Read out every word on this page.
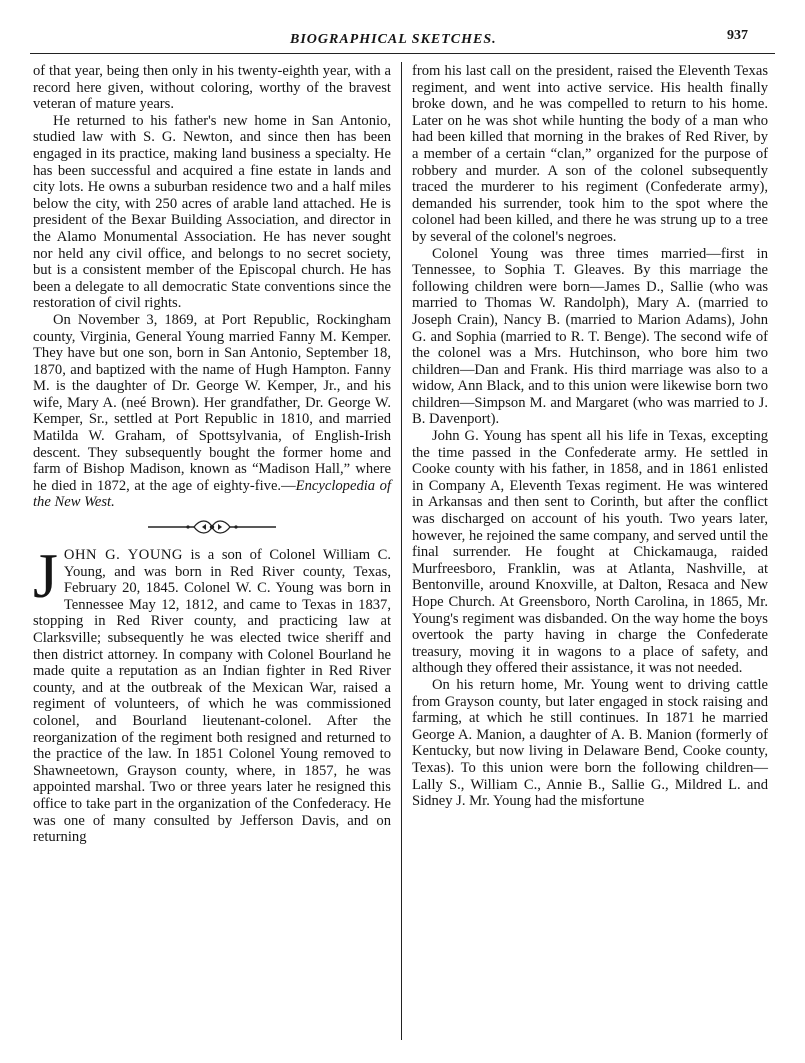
BIOGRAPHICAL SKETCHES.	937

of that year, being then only in his twenty-eighth year, with a record here given, without coloring, worthy of the bravest veteran of mature years.

He returned to his father's new home in San Antonio, studied law with S. G. Newton, and since then has been engaged in its practice, making land business a specialty. He has been successful and acquired a fine estate in lands and city lots. He owns a suburban residence two and a half miles below the city, with 250 acres of arable land attached. He is president of the Bexar Building Association, and director in the Alamo Monumental Association. He has never sought nor held any civil office, and belongs to no secret society, but is a consistent member of the Episcopal church. He has been a delegate to all democratic State conventions since the restoration of civil rights.

On November 3, 1869, at Port Republic, Rockingham county, Virginia, General Young married Fanny M. Kemper. They have but one son, born in San Antonio, September 18, 1870, and baptized with the name of Hugh Hampton. Fanny M. is the daughter of Dr. George W. Kemper, Jr., and his wife, Mary A. (neé Brown). Her grandfather, Dr. George W. Kemper, Sr., settled at Port Republic in 1810, and married Matilda W. Graham, of Spottsylvania, of English-Irish descent. They subsequently bought the former home and farm of Bishop Madison, known as “Madison Hall,” where he died in 1872, at the age of eighty-five.—Encyclopedia of the New West.

JOHN G. YOUNG is a son of Colonel William C. Young, and was born in Red River county, Texas, February 20, 1845. Colonel W. C. Young was born in Tennessee May 12, 1812, and came to Texas in 1837, stopping in Red River county, and practicing law at Clarksville; subsequently he was elected twice sheriff and then district attorney. In company with Colonel Bourland he made quite a reputation as an Indian fighter in Red River county, and at the outbreak of the Mexican War, raised a regiment of volunteers, of which he was commissioned colonel, and Bourland lieutenant-colonel. After the reorganization of the regiment both resigned and returned to the practice of the law. In 1851 Colonel Young removed to Shawneetown, Grayson county, where, in 1857, he was appointed marshal. Two or three years later he resigned this office to take part in the organization of the Confederacy. He was one of many consulted by Jefferson Davis, and on returning

from his last call on the president, raised the Eleventh Texas regiment, and went into active service. His health finally broke down, and he was compelled to return to his home. Later on he was shot while hunting the body of a man who had been killed that morning in the brakes of Red River, by a member of a certain “clan,” organized for the purpose of robbery and murder. A son of the colonel subsequently traced the murderer to his regiment (Confederate army), demanded his surrender, took him to the spot where the colonel had been killed, and there he was strung up to a tree by several of the colonel's negroes.

Colonel Young was three times married—first in Tennessee, to Sophia T. Gleaves. By this marriage the following children were born—James D., Sallie (who was married to Thomas W. Randolph), Mary A. (married to Joseph Crain), Nancy B. (married to Marion Adams), John G. and Sophia (married to R. T. Benge). The second wife of the colonel was a Mrs. Hutchinson, who bore him two children—Dan and Frank. His third marriage was also to a widow, Ann Black, and to this union were likewise born two children—Simpson M. and Margaret (who was married to J. B. Davenport).

John G. Young has spent all his life in Texas, excepting the time passed in the Confederate army. He settled in Cooke county with his father, in 1858, and in 1861 enlisted in Company A, Eleventh Texas regiment. He was wintered in Arkansas and then sent to Corinth, but after the conflict was discharged on account of his youth. Two years later, however, he rejoined the same company, and served until the final surrender. He fought at Chickamauga, raided Murfreesboro, Franklin, was at Atlanta, Nashville, at Bentonville, around Knoxville, at Dalton, Resaca and New Hope Church. At Greensboro, North Carolina, in 1865, Mr. Young's regiment was disbanded. On the way home the boys overtook the party having in charge the Confederate treasury, moving it in wagons to a place of safety, and although they offered their assistance, it was not needed.

On his return home, Mr. Young went to driving cattle from Grayson county, but later engaged in stock raising and farming, at which he still continues. In 1871 he married George A. Manion, a daughter of A. B. Manion (formerly of Kentucky, but now living in Delaware Bend, Cooke county, Texas). To this union were born the following children—Lally S., William C., Annie B., Sallie G., Mildred L. and Sidney J. Mr. Young had the misfortune
